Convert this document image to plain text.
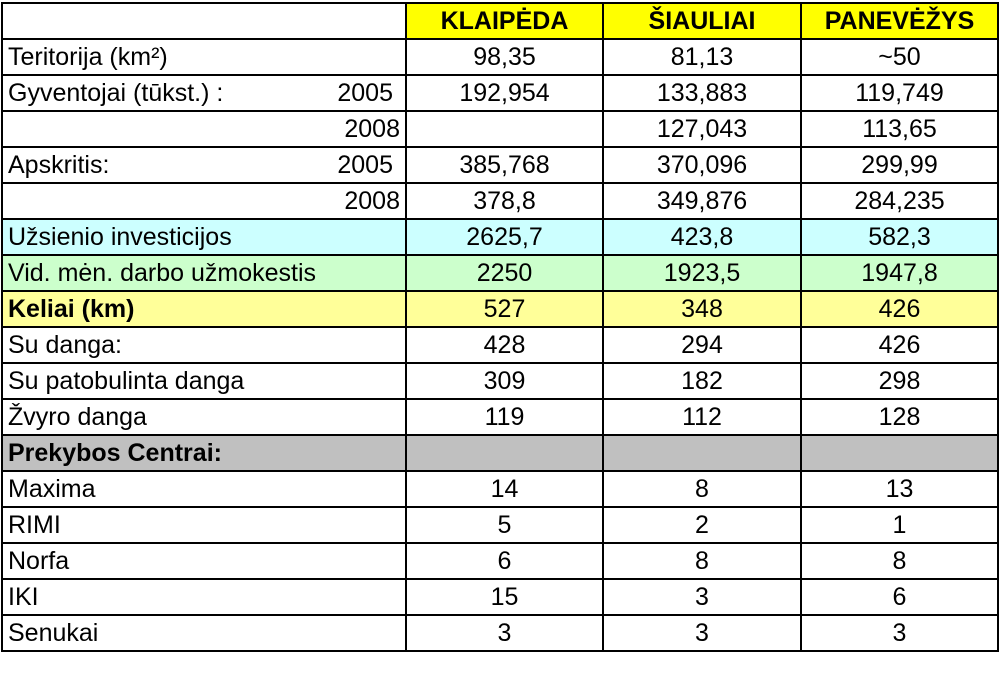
	KLAIPĖDA	ŠIAULIAI	PANEVĖŽYS
Teritorija (km²)	98,35	81,13	~50

Gyventojai (tūkst.) : 2005	192,954	133,883	119,749
2008		127,043	113,65

Apskritis: 2005	385,768	370,096	299,99
2008	378,8	349,876	284,235
Užsienio investicijos	2625,7	423,8	582,3
Vid. mėn. darbo užmokestis	2250	1923,5	1947,8
Keliai (km)	527	348	426
Su danga:	428	294	426
Su patobulinta danga	309	182	298
Žvyro danga	119	112	128
Prekybos Centrai:			
Maxima	14	8	13
RIMI	5	2	1
Norfa	6	8	8
IKI	15	3	6
Senukai	3	3	3
